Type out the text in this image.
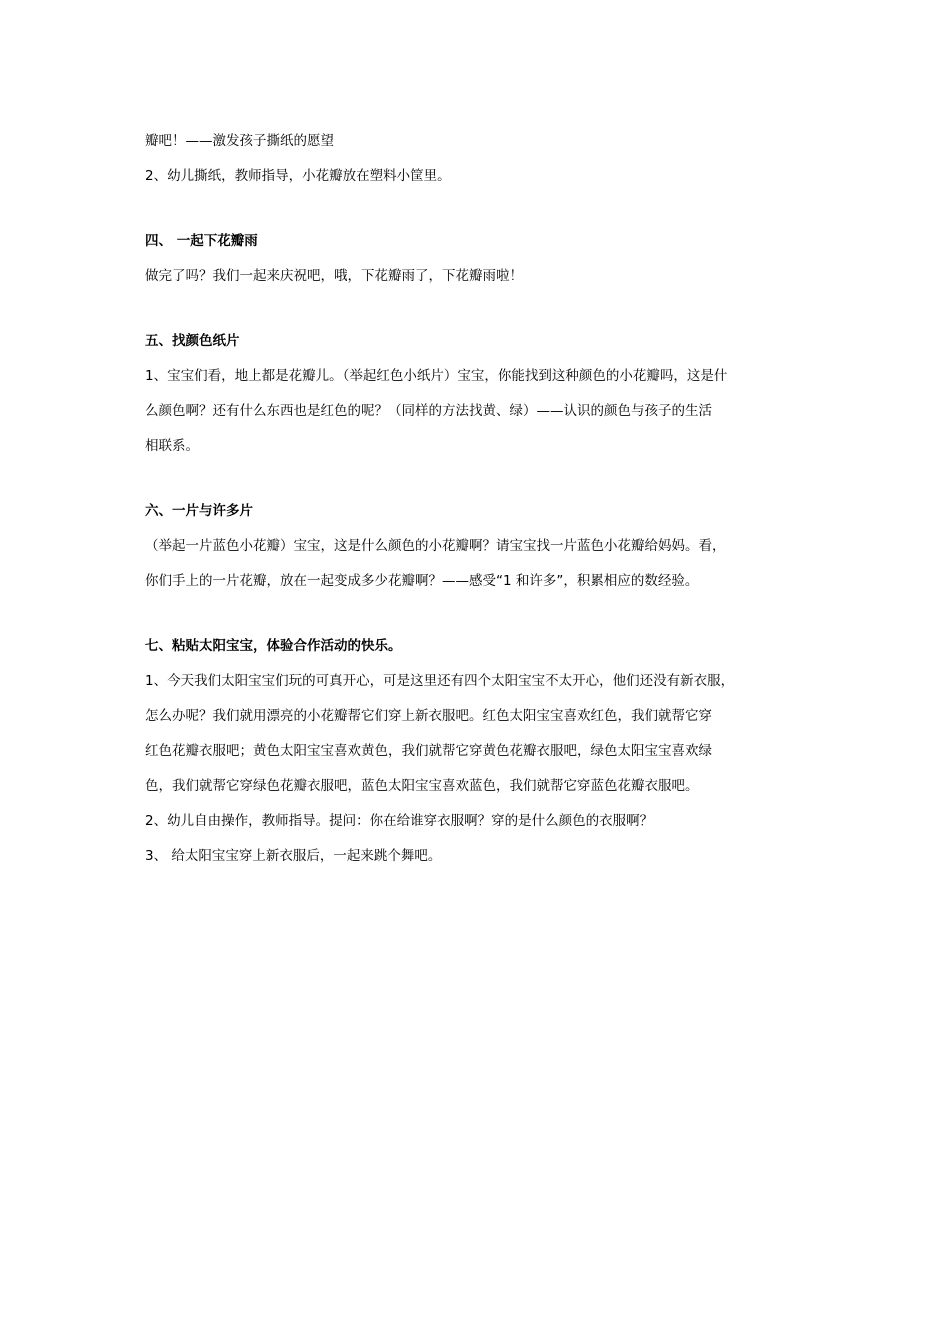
瓣吧！——激发孩子撕纸的愿望
2、幼儿撕纸，教师指导，小花瓣放在塑料小筐里。
四、 一起下花瓣雨
做完了吗？我们一起来庆祝吧，哦，下花瓣雨了，下花瓣雨啦！
五、找颜色纸片
1、宝宝们看，地上都是花瓣儿。（举起红色小纸片）宝宝，你能找到这种颜色的小花瓣吗，这是什
么颜色啊？还有什么东西也是红色的呢？（同样的方法找黄、绿）——认识的颜色与孩子的生活
相联系。
六、一片与许多片
（举起一片蓝色小花瓣）宝宝，这是什么颜色的小花瓣啊？请宝宝找一片蓝色小花瓣给妈妈。看，
你们手上的一片花瓣，放在一起变成多少花瓣啊？——感受“1 和许多”，积累相应的数经验。
七、粘贴太阳宝宝，体验合作活动的快乐。
1、今天我们太阳宝宝们玩的可真开心，可是这里还有四个太阳宝宝不太开心，他们还没有新衣服，
怎么办呢？我们就用漂亮的小花瓣帮它们穿上新衣服吧。红色太阳宝宝喜欢红色，我们就帮它穿
红色花瓣衣服吧；黄色太阳宝宝喜欢黄色，我们就帮它穿黄色花瓣衣服吧，绿色太阳宝宝喜欢绿
色，我们就帮它穿绿色花瓣衣服吧，蓝色太阳宝宝喜欢蓝色，我们就帮它穿蓝色花瓣衣服吧。
2、幼儿自由操作，教师指导。提问：你在给谁穿衣服啊？穿的是什么颜色的衣服啊？
3、 给太阳宝宝穿上新衣服后，一起来跳个舞吧。
